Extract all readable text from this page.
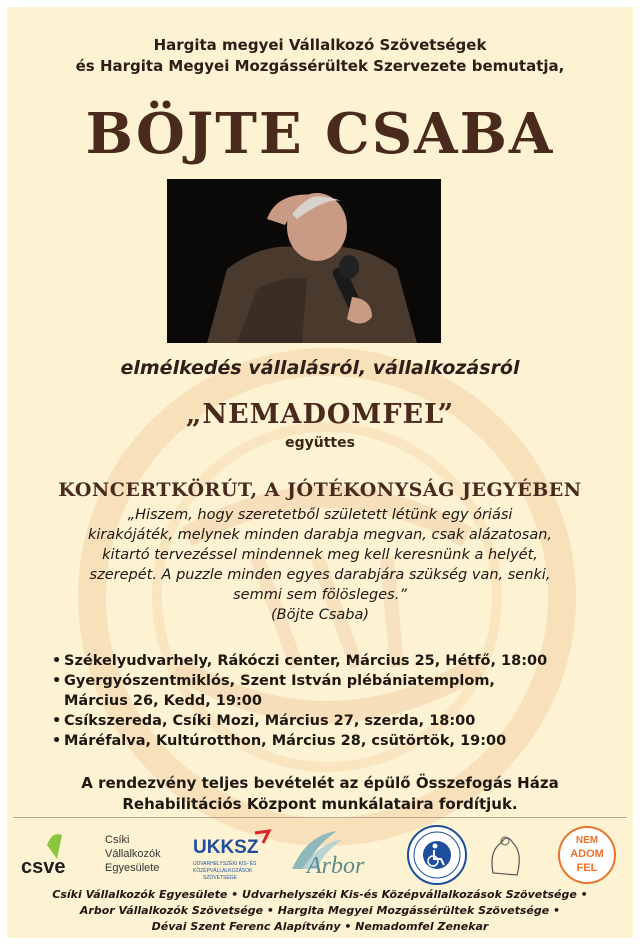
Hargita megyei Vállalkozó Szövetségek
és Hargita Megyei Mozgássérültek Szervezete bemutatja,
BÖJTE CSABA
elmélkedés vállalásról, vállalkozásról
„NEMADOMFEL”
együttes
KONCERTKÖRÚT, A JÓTÉKONYSÁG JEGYÉBEN
„Hiszem, hogy szeretetből született létünk egy óriási
kirakójáték, melynek minden darabja megvan, csak alázatosan,
kitartó tervezéssel mindennek meg kell keresnünk a helyét,
szerepét. A puzzle minden egyes darabjára szükség van, senki,
semmi sem fölösleges.”
(Böjte Csaba)
• Székelyudvarhely, Rákóczi center, Március 25, Hétfő, 18:00
• Gyergyószentmiklós, Szent István plébániatemplom,
Március 26, Kedd, 19:00
• Csíkszereda, Csíki Mozi, Március 27, szerda, 18:00
• Máréfalva, Kultúrotthon, Március 28, csütörtök, 19:00
A rendezvény teljes bevételét az épülő Összefogás Háza
Rehabilitációs Központ munkálataira fordítjuk.
csve
Csíki
Vállalkozók
Egyesülete
UKKSZ
UDVARHELYSZÉKI KIS- ÉS
KÖZÉPVÁLLALKOZÁSOK
SZÖVETSÉGE	Arbor
NEM
ADOM
FEL
Csíki Vállalkozók Egyesülete • Udvarhelyszéki Kis-és Középvállalkozások Szövetsége •
Arbor Vállalkozók Szövetsége • Hargita Megyei Mozgássérültek Szövetsége •
Dévai Szent Ferenc Alapítvány • Nemadomfel Zenekar
